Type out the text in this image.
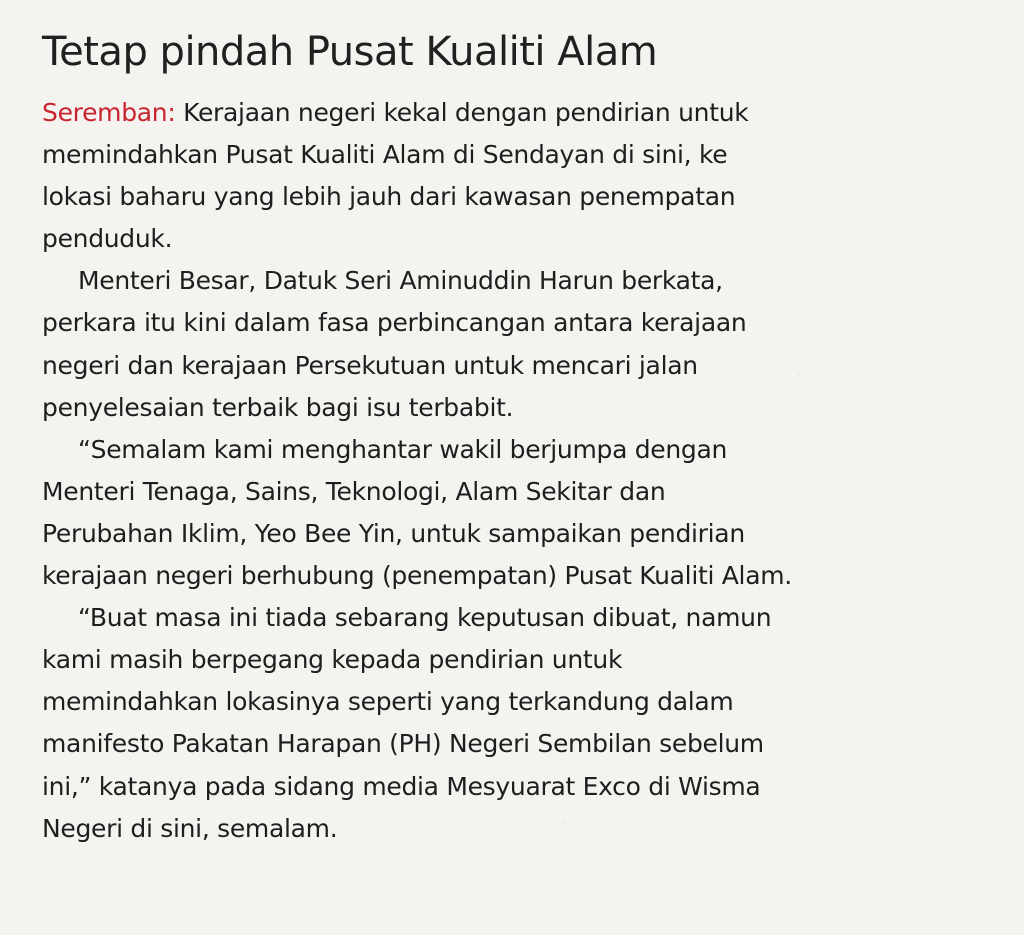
Tetap pindah Pusat Kualiti Alam
Seremban: Kerajaan negeri kekal dengan pendirian untuk
memindahkan Pusat Kualiti Alam di Sendayan di sini, ke
lokasi baharu yang lebih jauh dari kawasan penempatan
penduduk.
Menteri Besar, Datuk Seri Aminuddin Harun berkata,
perkara itu kini dalam fasa perbincangan antara kerajaan
negeri dan kerajaan Persekutuan untuk mencari jalan
penyelesaian terbaik bagi isu terbabit.
“Semalam kami menghantar wakil berjumpa dengan
Menteri Tenaga, Sains, Teknologi, Alam Sekitar dan
Perubahan Iklim, Yeo Bee Yin, untuk sampaikan pendirian
kerajaan negeri berhubung (penempatan) Pusat Kualiti Alam.
“Buat masa ini tiada sebarang keputusan dibuat, namun
kami masih berpegang kepada pendirian untuk
memindahkan lokasinya seperti yang terkandung dalam
manifesto Pakatan Harapan (PH) Negeri Sembilan sebelum
ini,” katanya pada sidang media Mesyuarat Exco di Wisma
Negeri di sini, semalam.
